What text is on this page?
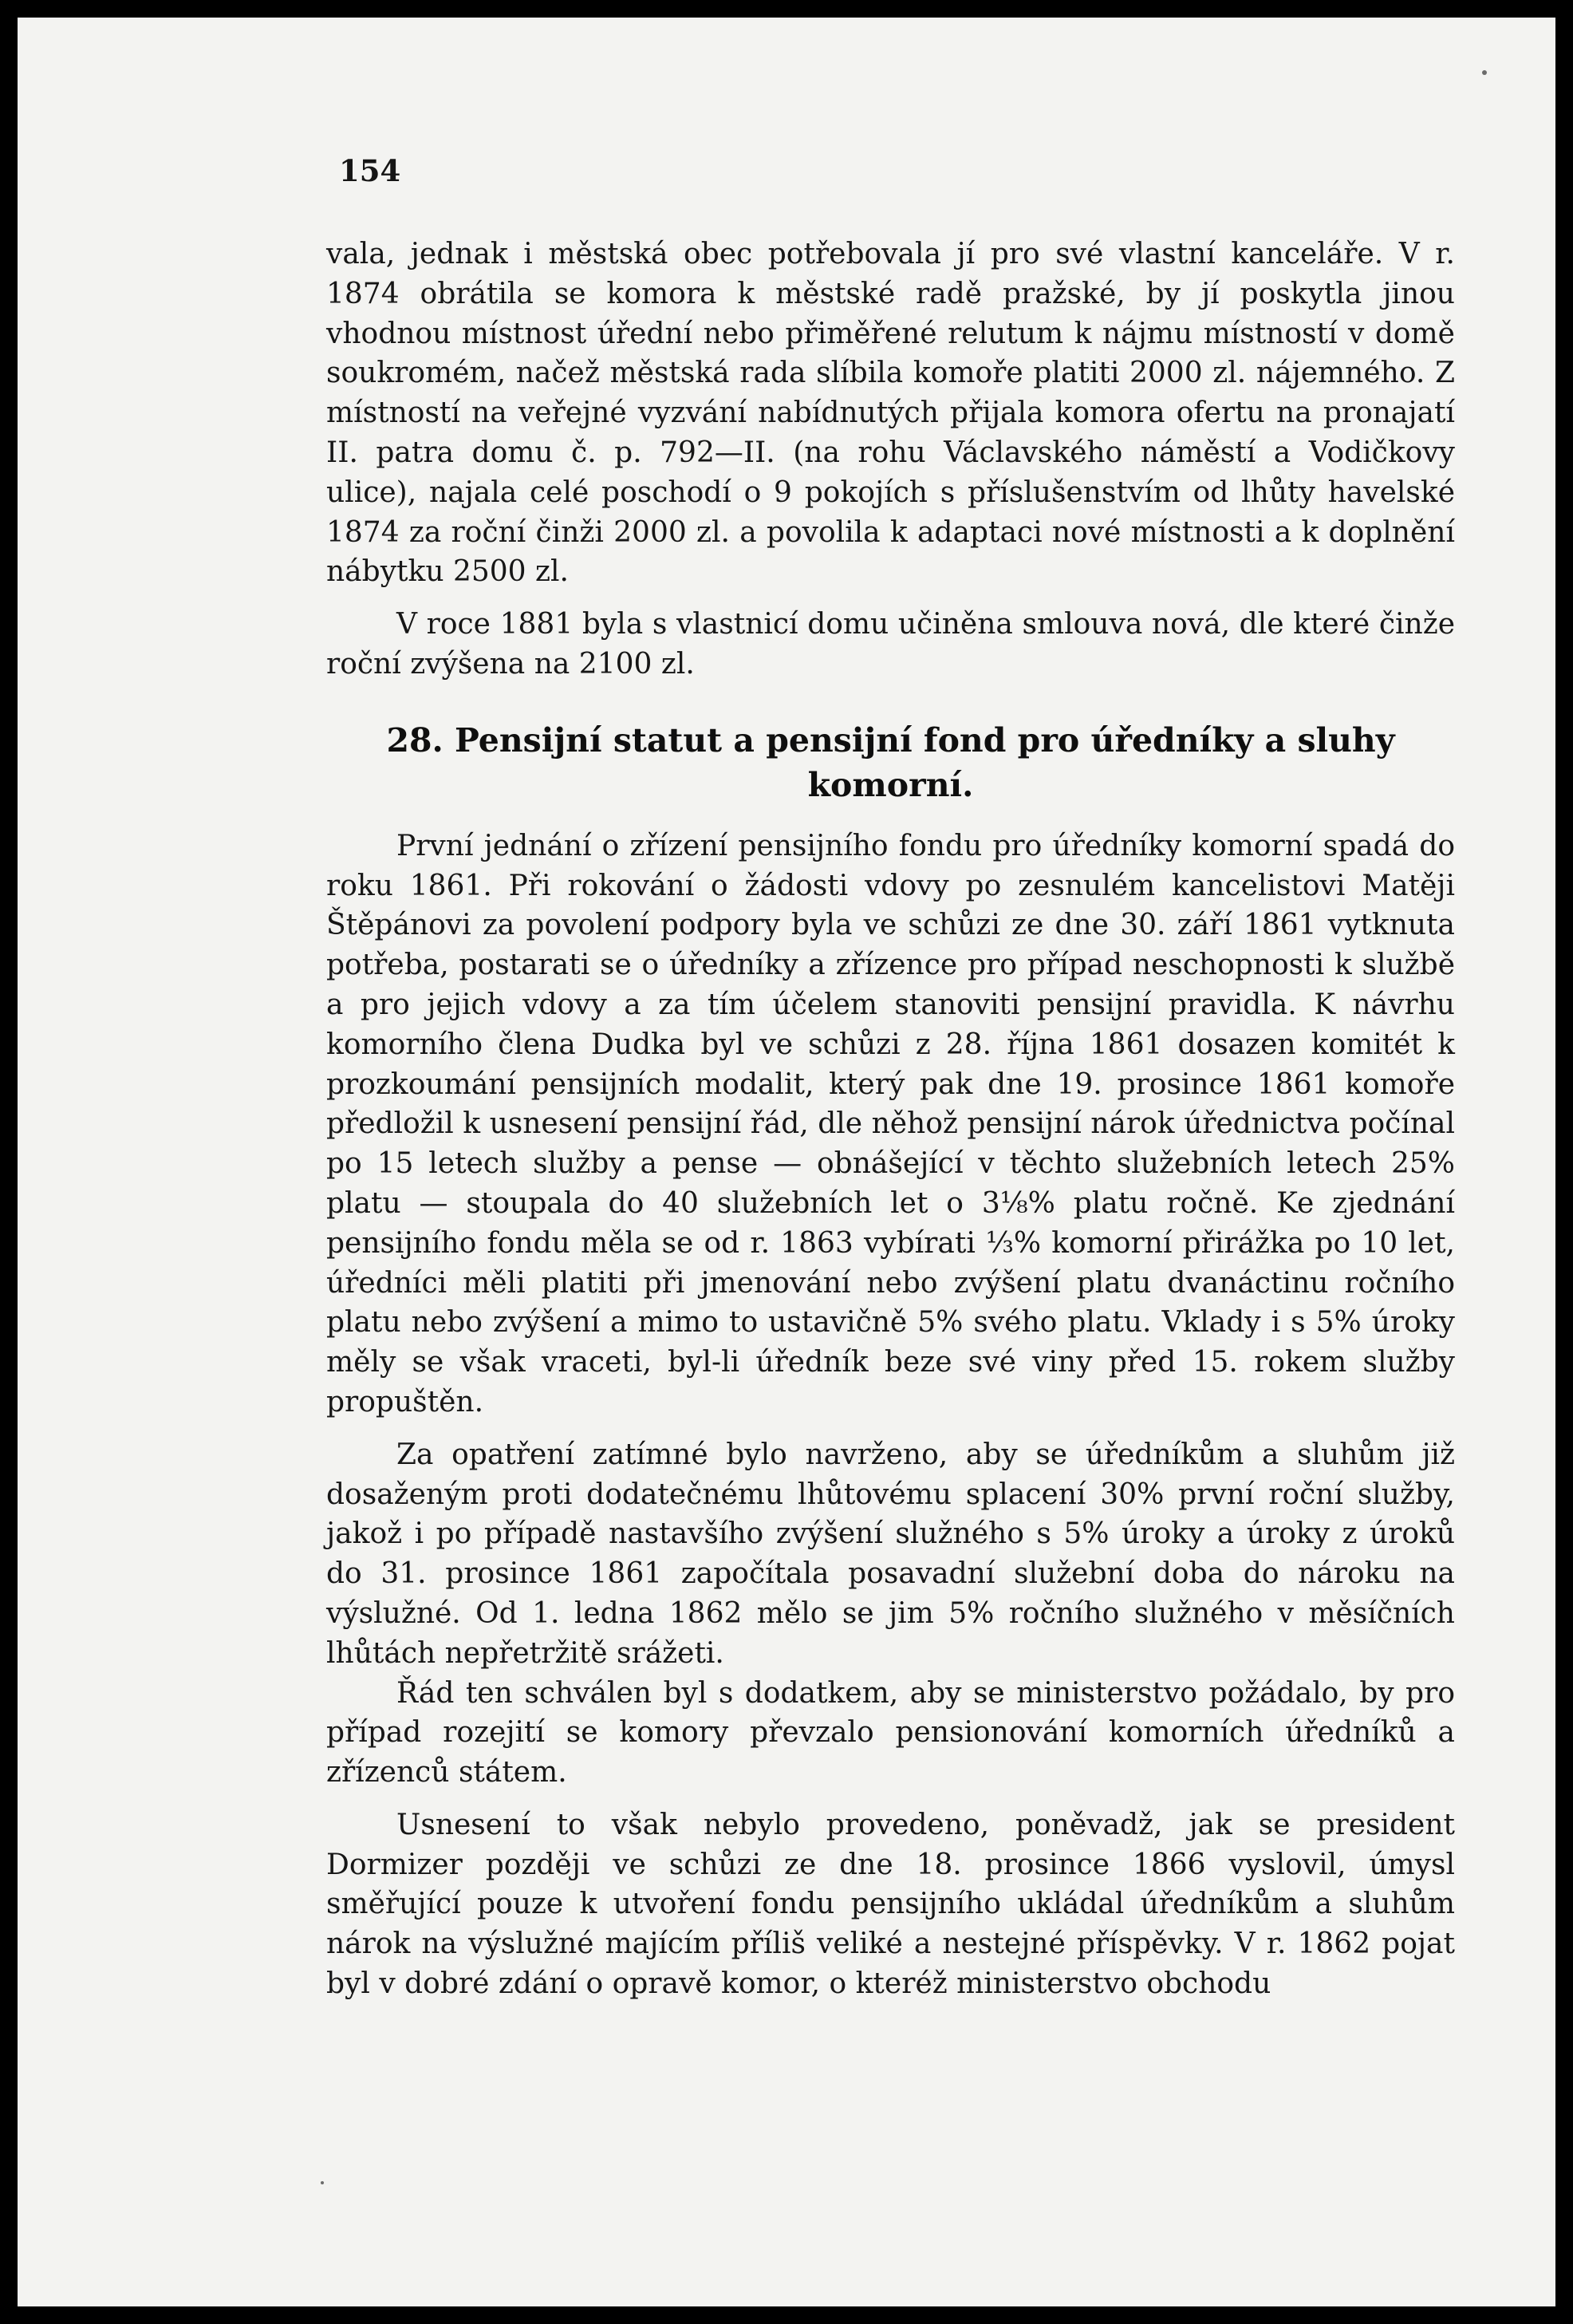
154

vala, jednak i městská obec potřebovala jí pro své vlastní kanceláře. V r. 1874 obrátila se komora k městské radě pražské, by jí poskytla jinou vhodnou místnost úřední nebo přiměřené relutum k nájmu místností v domě soukromém, načež městská rada slíbila komoře platiti 2000 zl. nájemného. Z místností na veřejné vyzvání nabídnutých přijala komora ofertu na pronajatí II. patra domu č. p. 792—II. (na rohu Václavského náměstí a Vodičkovy ulice), najala celé poschodí o 9 pokojích s příslušenstvím od lhůty havelské 1874 za roční činži 2000 zl. a povolila k adaptaci nové místnosti a k doplnění nábytku 2500 zl.

V roce 1881 byla s vlastnicí domu učiněna smlouva nová, dle které činže roční zvýšena na 2100 zl.

28. Pensijní statut a pensijní fond pro úředníky a sluhy komorní.

První jednání o zřízení pensijního fondu pro úředníky komorní spadá do roku 1861. Při rokování o žádosti vdovy po zesnulém kancelistovi Matěji Štěpánovi za povolení podpory byla ve schůzi ze dne 30. září 1861 vytknuta potřeba, postarati se o úředníky a zřízence pro případ neschopnosti k službě a pro jejich vdovy a za tím účelem stanoviti pensijní pravidla. K návrhu komorního člena Dudka byl ve schůzi z 28. října 1861 dosazen komitét k prozkoumání pensijních modalit, který pak dne 19. prosince 1861 komoře předložil k usnesení pensijní řád, dle něhož pensijní nárok úřednictva počínal po 15 letech služby a pense — obnášející v těchto služebních letech 25% platu — stoupala do 40 služebních let o 3⅛% platu ročně. Ke zjednání pensijního fondu měla se od r. 1863 vybírati ⅓% komorní přirážka po 10 let, úředníci měli platiti při jmenování nebo zvýšení platu dvanáctinu ročního platu nebo zvýšení a mimo to ustavičně 5% svého platu. Vklady i s 5% úroky měly se však vraceti, byl-li úředník beze své viny před 15. rokem služby propuštěn.

Za opatření zatímné bylo navrženo, aby se úředníkům a sluhům již dosaženým proti dodatečnému lhůtovému splacení 30% první roční služby, jakož i po případě nastavšího zvýšení služného s 5% úroky a úroky z úroků do 31. prosince 1861 započítala posavadní služební doba do nároku na výslužné. Od 1. ledna 1862 mělo se jim 5% ročního služného v měsíčních lhůtách nepřetržitě srážeti.

Řád ten schválen byl s dodatkem, aby se ministerstvo požádalo, by pro případ rozejití se komory převzalo pensionování komorních úředníků a zřízenců státem.

Usnesení to však nebylo provedeno, poněvadž, jak se president Dormizer později ve schůzi ze dne 18. prosince 1866 vyslovil, úmysl směřující pouze k utvoření fondu pensijního ukládal úředníkům a sluhům nárok na výslužné majícím příliš veliké a nestejné příspěvky. V r. 1862 pojat byl v dobré zdání o opravě komor, o kteréž ministerstvo obchodu
